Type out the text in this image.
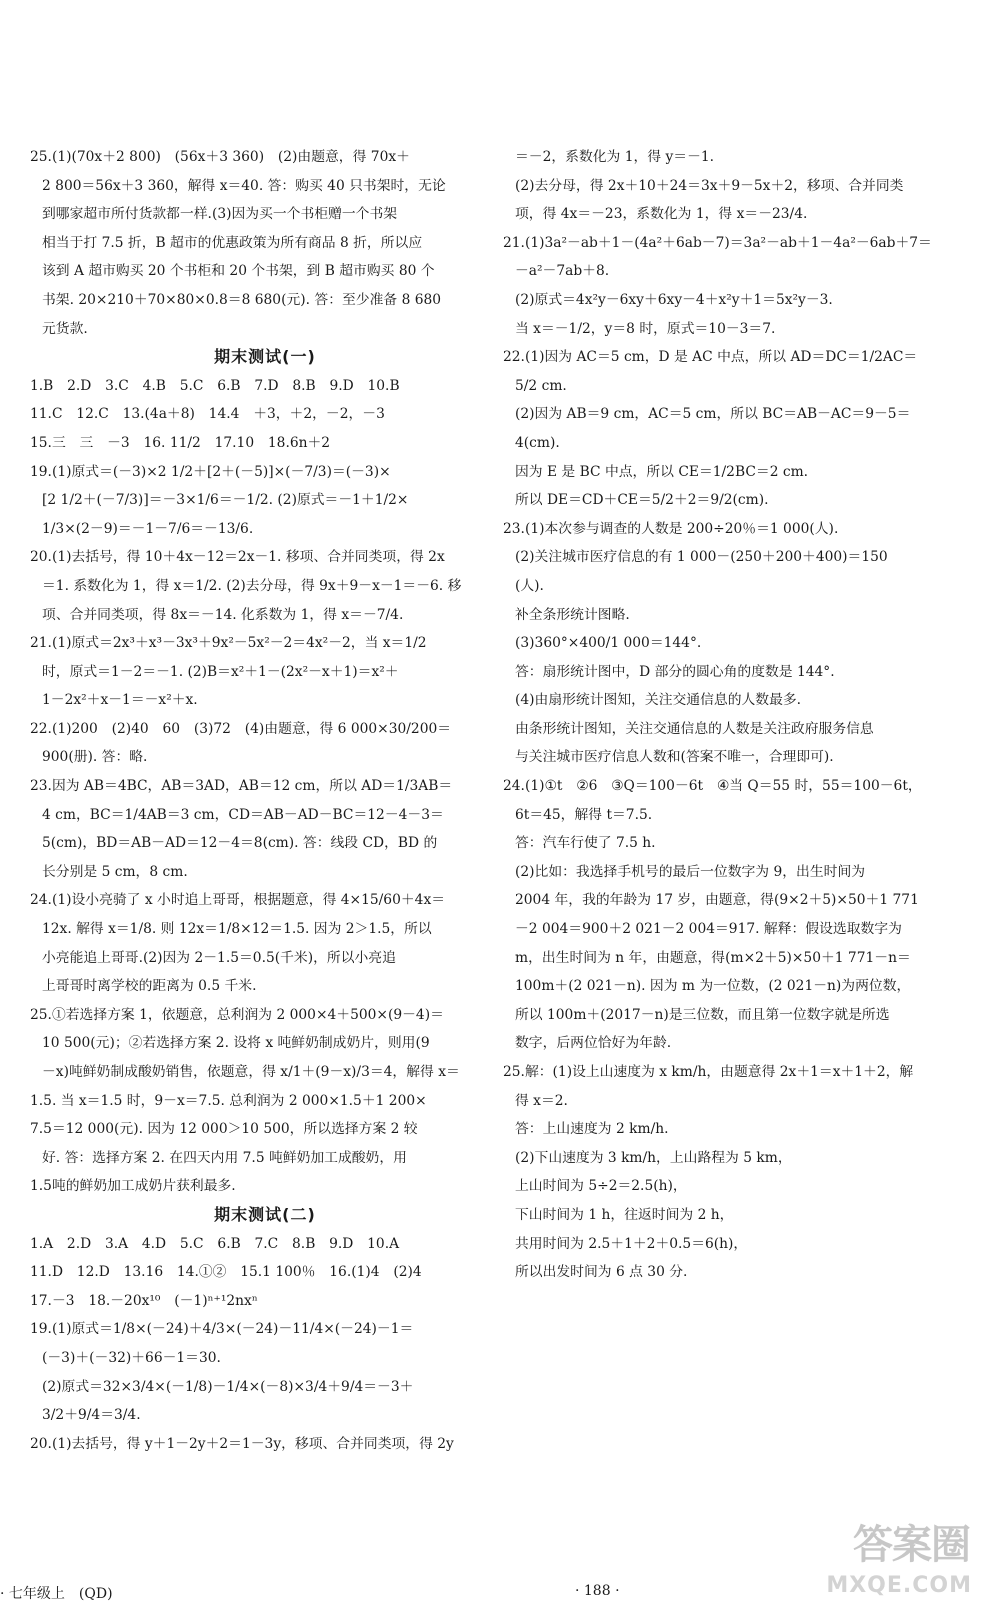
25.(1)(70x＋2 800)　(56x＋3 360)　(2)由题意，得 70x＋
2 800＝56x＋3 360，解得 x＝40. 答：购买 40 只书架时，无论
到哪家超市所付货款都一样.(3)因为买一个书柜赠一个书架
相当于打 7.5 折，B 超市的优惠政策为所有商品 8 折，所以应
该到 A 超市购买 20 个书柜和 20 个书架，到 B 超市购买 80 个
书架. 20×210＋70×80×0.8＝8 680(元). 答：至少准备 8 680
元货款.
期末测试(一)
1.B　2.D　3.C　4.B　5.C　6.B　7.D　8.B　9.D　10.B
11.C　12.C　13.(4a＋8)　14.4　＋3，＋2，－2，－3
15.三　三　－3　16. 11/2　17.10　18.6n＋2
19.(1)原式＝(－3)×2 1/2＋[2＋(－5)]×(－7/3)＝(－3)×
[2 1/2＋(－7/3)]＝－3×1/6＝－1/2. (2)原式＝－1＋1/2×
1/3×(2－9)＝－1－7/6＝－13/6.
20.(1)去括号，得 10＋4x－12＝2x－1. 移项、合并同类项，得 2x
＝1. 系数化为 1，得 x＝1/2. (2)去分母，得 9x＋9－x－1＝－6. 移
项、合并同类项，得 8x＝－14. 化系数为 1，得 x＝－7/4.
21.(1)原式＝2x³＋x³－3x³＋9x²－5x²－2＝4x²－2，当 x＝1/2
时，原式＝1－2＝－1. (2)B＝x²＋1－(2x²－x＋1)＝x²＋
1－2x²＋x－1＝－x²＋x.
22.(1)200　(2)40　60　(3)72　(4)由题意，得 6 000×30/200＝
900(册). 答：略.
23.因为 AB＝4BC，AB＝3AD，AB＝12 cm，所以 AD＝1/3AB＝
4 cm，BC＝1/4AB＝3 cm，CD＝AB－AD－BC＝12－4－3＝
5(cm)，BD＝AB－AD＝12－4＝8(cm). 答：线段 CD，BD 的
长分别是 5 cm，8 cm.
24.(1)设小亮骑了 x 小时追上哥哥，根据题意，得 4×15/60＋4x＝
12x. 解得 x＝1/8. 则 12x＝1/8×12＝1.5. 因为 2＞1.5，所以
小亮能追上哥哥.(2)因为 2－1.5＝0.5(千米)，所以小亮追
上哥哥时离学校的距离为 0.5 千米.
25.①若选择方案 1，依题意，总利润为 2 000×4＋500×(9－4)＝
10 500(元)；②若选择方案 2. 设将 x 吨鲜奶制成奶片，则用(9
－x)吨鲜奶制成酸奶销售，依题意，得 x/1＋(9－x)/3＝4，解得 x＝
1.5. 当 x＝1.5 时，9－x＝7.5. 总利润为 2 000×1.5＋1 200×
7.5＝12 000(元). 因为 12 000＞10 500，所以选择方案 2 较
好. 答：选择方案 2. 在四天内用 7.5 吨鲜奶加工成酸奶，用
1.5吨的鲜奶加工成奶片获利最多.
期末测试(二)
1.A　2.D　3.A　4.D　5.C　6.B　7.C　8.B　9.D　10.A
11.D　12.D　13.16　14.①②　15.1 100％　16.(1)4　(2)4
17.－3　18.－20x¹⁰　(－1)ⁿ⁺¹2nxⁿ
19.(1)原式＝1/8×(－24)＋4/3×(－24)－11/4×(－24)－1＝
(－3)＋(－32)＋66－1＝30.
(2)原式＝32×3/4×(－1/8)－1/4×(－8)×3/4＋9/4＝－3＋
3/2＋9/4＝3/4.
20.(1)去括号，得 y＋1－2y＋2＝1－3y，移项、合并同类项，得 2y
＝－2，系数化为 1，得 y＝－1.
(2)去分母，得 2x＋10＋24＝3x＋9－5x＋2，移项、合并同类
项，得 4x＝－23，系数化为 1，得 x＝－23/4.
21.(1)3a²－ab＋1－(4a²＋6ab－7)＝3a²－ab＋1－4a²－6ab＋7＝
－a²－7ab＋8.
(2)原式＝4x²y－6xy＋6xy－4＋x²y＋1＝5x²y－3.
当 x＝－1/2，y＝8 时，原式＝10－3＝7.
22.(1)因为 AC＝5 cm，D 是 AC 中点，所以 AD＝DC＝1/2AC＝
5/2 cm.
(2)因为 AB＝9 cm，AC＝5 cm，所以 BC＝AB－AC＝9－5＝
4(cm).
因为 E 是 BC 中点，所以 CE＝1/2BC＝2 cm.
所以 DE＝CD＋CE＝5/2＋2＝9/2(cm).
23.(1)本次参与调查的人数是 200÷20％＝1 000(人).
(2)关注城市医疗信息的有 1 000－(250＋200＋400)＝150
(人).
补全条形统计图略.
(3)360°×400/1 000＝144°.
答：扇形统计图中，D 部分的圆心角的度数是 144°.
(4)由扇形统计图知，关注交通信息的人数最多.
由条形统计图知，关注交通信息的人数是关注政府服务信息
与关注城市医疗信息人数和(答案不唯一，合理即可).
24.(1)①t　②6　③Q＝100－6t　④当 Q＝55 时，55＝100－6t，
6t＝45，解得 t＝7.5.
答：汽车行使了 7.5 h.
(2)比如：我选择手机号的最后一位数字为 9，出生时间为
2004 年，我的年龄为 17 岁，由题意，得(9×2＋5)×50＋1 771
－2 004＝900＋2 021－2 004＝917. 解释：假设选取数字为
m，出生时间为 n 年，由题意，得(m×2＋5)×50＋1 771－n＝
100m＋(2 021－n). 因为 m 为一位数，(2 021－n)为两位数，
所以 100m＋(2017－n)是三位数，而且第一位数字就是所选
数字，后两位恰好为年龄.
25.解：(1)设上山速度为 x km/h，由题意得 2x＋1＝x＋1＋2，解
得 x＝2.
答：上山速度为 2 km/h.
(2)下山速度为 3 km/h，上山路程为 5 km，
上山时间为 5÷2＝2.5(h)，
下山时间为 1 h，往返时间为 2 h，
共用时间为 2.5＋1＋2＋0.5＝6(h)，
所以出发时间为 6 点 30 分.
· 七年级上　(QD)	· 188 ·
答案圈
MXQE.COM
